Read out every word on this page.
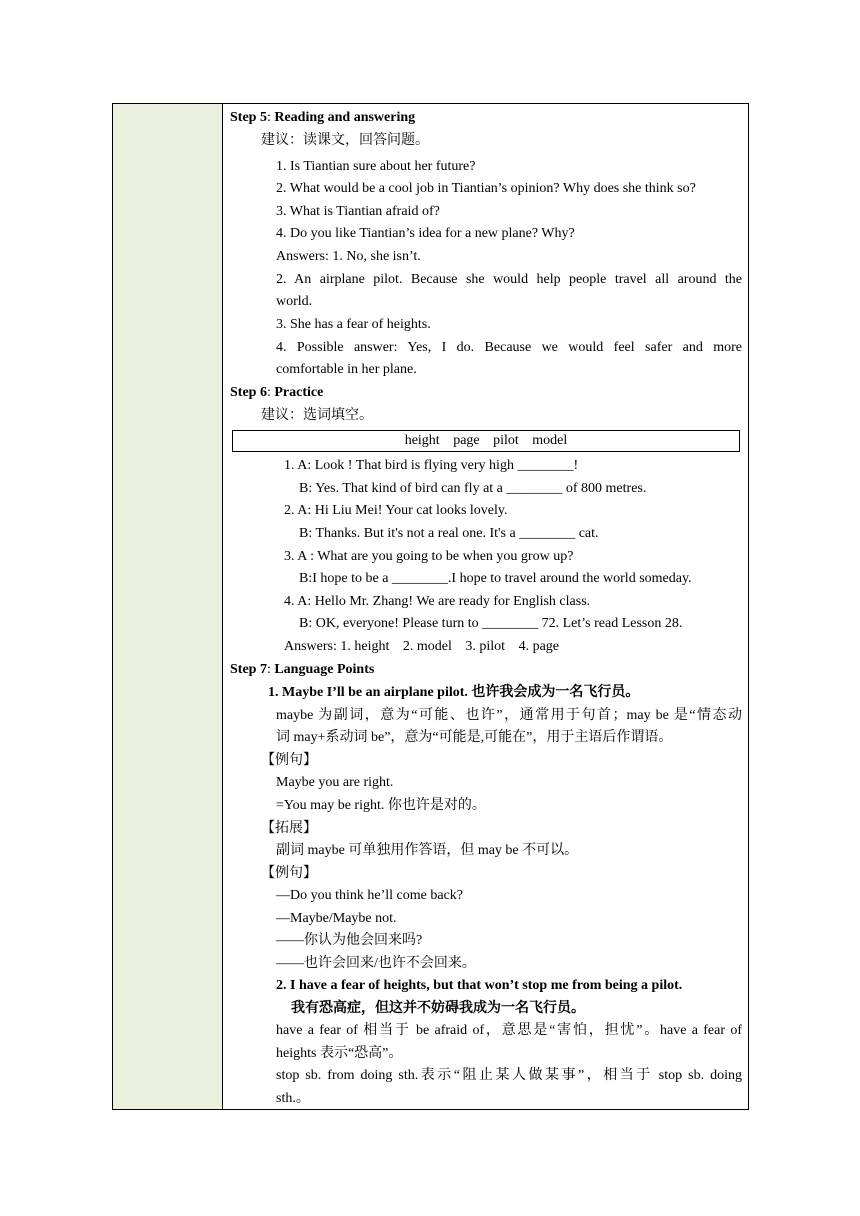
Step 5: Reading and answering
建议：读课文，回答问题。
1. Is Tiantian sure about her future?
2. What would be a cool job in Tiantian’s opinion? Why does she think so?
3. What is Tiantian afraid of?
4. Do you like Tiantian’s idea for a new plane? Why?
Answers: 1. No, she isn’t.
2. An airplane pilot. Because she would help people travel all around the
world.
3. She has a fear of heights.
4. Possible answer: Yes, I do. Because we would feel safer and more
comfortable in her plane.
Step 6: Practice
建议：选词填空。
height page pilot model
1. A: Look ! That bird is flying very high ________!
B: Yes. That kind of bird can fly at a ________ of 800 metres.
2. A: Hi Liu Mei! Your cat looks lovely.
B: Thanks. But it's not a real one. It's a ________ cat.
3. A : What are you going to be when you grow up?
B:I hope to be a ________.I hope to travel around the world someday.
4. A: Hello Mr. Zhang! We are ready for English class.
B: OK, everyone! Please turn to ________ 72. Let’s read Lesson 28.
Answers: 1. height 2. model 3. pilot 4. page
Step 7: Language Points
1. Maybe I’ll be an airplane pilot. 也许我会成为一名飞行员。
maybe 为副词，意为“可能、也许”，通常用于句首；may be 是“情态动
词 may+系动词 be”，意为“可能是,可能在”，用于主语后作谓语。
【例句】
Maybe you are right.
=You may be right. 你也许是对的。
【拓展】
副词 maybe 可单独用作答语，但 may be 不可以。
【例句】
—Do you think he’ll come back?
—Maybe/Maybe not.
——你认为他会回来吗?
——也许会回来/也许不会回来。
2. I have a fear of heights, but that won’t stop me from being a pilot.
我有恐高症，但这并不妨碍我成为一名飞行员。
have a fear of 相当于 be afraid of，意思是“害怕，担忧”。have a fear of
heights 表示“恐高”。
stop sb. from doing sth.表示“阻止某人做某事”，相当于 stop sb. doing
sth.。
